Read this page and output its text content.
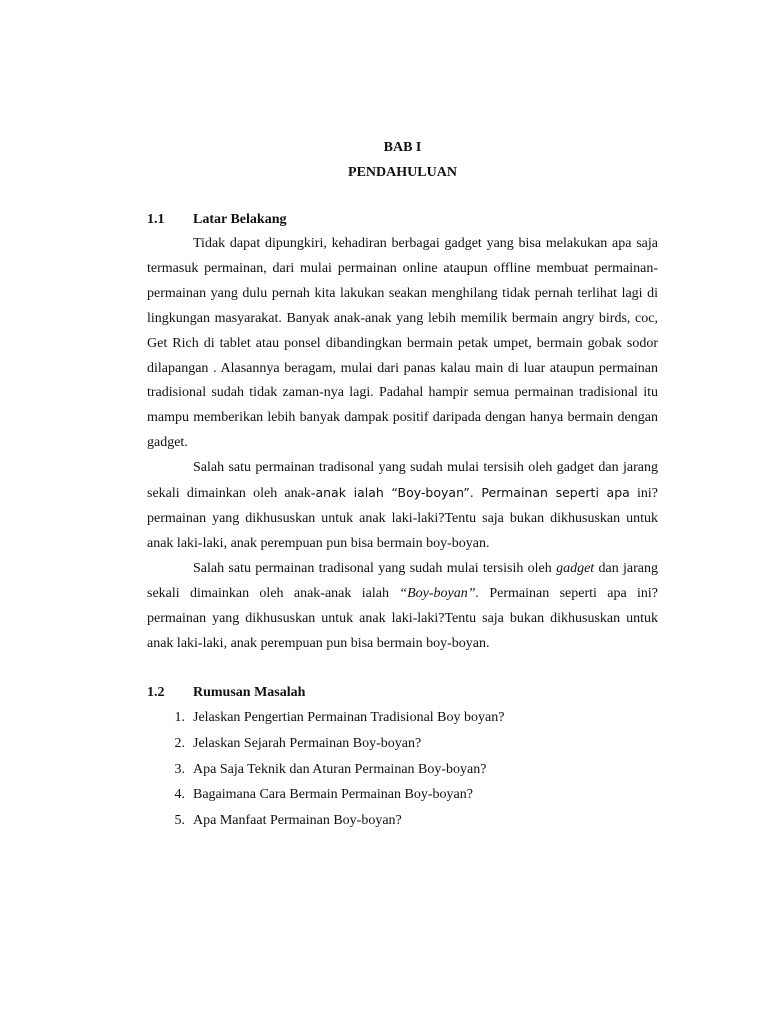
BAB I

PENDAHULUAN

1.1	Latar Belakang

Tidak dapat dipungkiri, kehadiran berbagai gadget yang bisa melakukan apa saja termasuk permainan, dari mulai permainan online ataupun offline membuat permainan-permainan yang dulu pernah kita lakukan seakan menghilang tidak pernah terlihat lagi di lingkungan masyarakat. Banyak anak-anak yang lebih memilik bermain angry birds, coc, Get Rich di tablet atau ponsel dibandingkan bermain petak umpet, bermain gobak sodor dilapangan . Alasannya beragam, mulai dari panas kalau main di luar ataupun permainan tradisional sudah tidak zaman-nya lagi. Padahal hampir semua permainan tradisional itu mampu memberikan lebih banyak dampak positif daripada dengan hanya bermain dengan gadget.

Salah satu permainan tradisonal yang sudah mulai tersisih oleh gadget dan jarang sekali dimainkan oleh anak-anak ialah “Boy-boyan”. Permainan seperti apa ini? permainan yang dikhususkan untuk anak laki-laki?Tentu saja bukan dikhususkan untuk anak laki-laki, anak perempuan pun bisa bermain boy-boyan.

Salah satu permainan tradisonal yang sudah mulai tersisih oleh gadget dan jarang sekali dimainkan oleh anak-anak ialah “Boy-boyan”. Permainan seperti apa ini? permainan yang dikhususkan untuk anak laki-laki?Tentu saja bukan dikhususkan untuk anak laki-laki, anak perempuan pun bisa bermain boy-boyan.

1.2	Rumusan Masalah

1. Jelaskan Pengertian Permainan Tradisional Boy boyan?
2. Jelaskan Sejarah Permainan Boy-boyan?
3. Apa Saja Teknik dan Aturan Permainan Boy-boyan?
4. Bagaimana Cara Bermain Permainan Boy-boyan?
5. Apa Manfaat Permainan Boy-boyan?
